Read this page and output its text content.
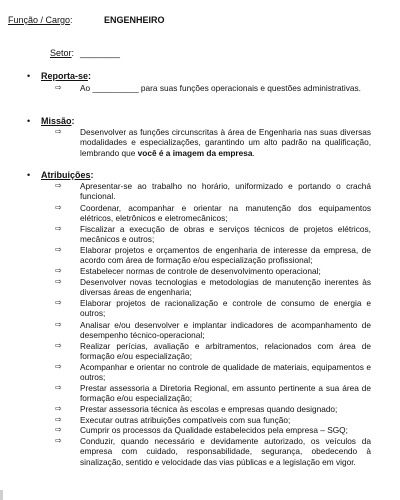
Função / Cargo:	ENGENHEIRO
Setor: ________
• Reporta-se:
⇨ Ao __________ para suas funções operacionais e questões administrativas.
• Missão:
⇨ Desenvolver as funções circunscritas à área de Engenharia nas suas diversas modalidades e especializações, garantindo um alto padrão na qualificação, lembrando que você é a imagem da empresa.
• Atribuições:
⇨ Apresentar-se ao trabalho no horário, uniformizado e portando o crachá funcional.
⇨ Coordenar, acompanhar e orientar na manutenção dos equipamentos elétricos, eletrônicos e eletromecânicos;
⇨ Fiscalizar a execução de obras e serviços técnicos de projetos elétricos, mecânicos e outros;
⇨ Elaborar projetos e orçamentos de engenharia de interesse da empresa, de acordo com área de formação e/ou especialização profissional;
⇨ Estabelecer normas de controle de desenvolvimento operacional;
⇨ Desenvolver novas tecnologias e metodologias de manutenção inerentes às diversas áreas de engenharia;
⇨ Elaborar projetos de racionalização e controle de consumo de energia e outros;
⇨ Analisar e/ou desenvolver e implantar indicadores de acompanhamento de desempenho técnico-operacional;
⇨ Realizar perícias, avaliação e arbitramentos, relacionados com área de formação e/ou especialização;
⇨ Acompanhar e orientar no controle de qualidade de materiais, equipamentos e outros;
⇨ Prestar assessoria a Diretoria Regional, em assunto pertinente a sua área de formação e/ou especialização;
⇨ Prestar assessoria técnica às escolas e empresas quando designado;
⇨ Executar outras atribuições compatíveis com sua função;
⇨ Cumprir os processos da Qualidade estabelecidos pela empresa – SGQ;
⇨ Conduzir, quando necessário e devidamente autorizado, os veículos da empresa com cuidado, responsabilidade, segurança, obedecendo à sinalização, sentido e velocidade das vias públicas e a legislação em vigor.
